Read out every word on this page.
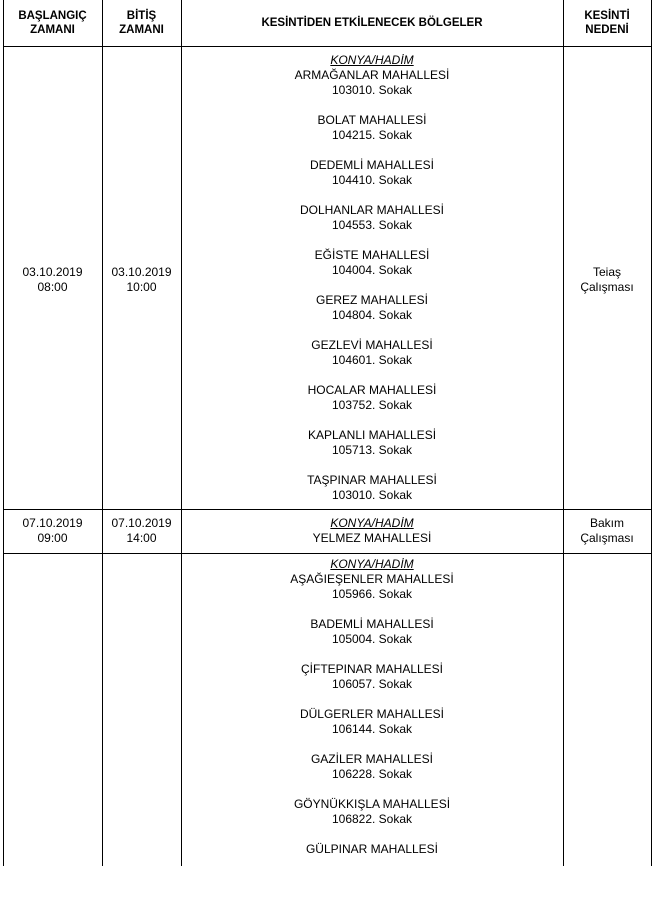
BAŞLANGIÇ
ZAMANI
BİTİŞ
ZAMANI
KESİNTİDEN ETKİLENECEK BÖLGELER
KESİNTİ
NEDENİ
03.10.2019
08:00
03.10.2019
10:00
Teiaş
Çalışması
KONYA/HADİM
ARMAĞANLAR MAHALLESİ
103010. Sokak
BOLAT MAHALLESİ
104215. Sokak
DEDEMLİ MAHALLESİ
104410. Sokak
DOLHANLAR MAHALLESİ
104553. Sokak
EĞİSTE MAHALLESİ
104004. Sokak
GEREZ MAHALLESİ
104804. Sokak
GEZLEVİ MAHALLESİ
104601. Sokak
HOCALAR MAHALLESİ
103752. Sokak
KAPLANLI MAHALLESİ
105713. Sokak
TAŞPINAR MAHALLESİ
103010. Sokak
07.10.2019
09:00
07.10.2019
14:00
Bakım
Çalışması
KONYA/HADİM
YELMEZ MAHALLESİ
KONYA/HADİM
AŞAĞIEŞENLER MAHALLESİ
105966. Sokak
BADEMLİ MAHALLESİ
105004. Sokak
ÇİFTEPINAR MAHALLESİ
106057. Sokak
DÜLGERLER MAHALLESİ
106144. Sokak
GAZİLER MAHALLESİ
106228. Sokak
GÖYNÜKKIŞLA MAHALLESİ
106822. Sokak
GÜLPINAR MAHALLESİ
